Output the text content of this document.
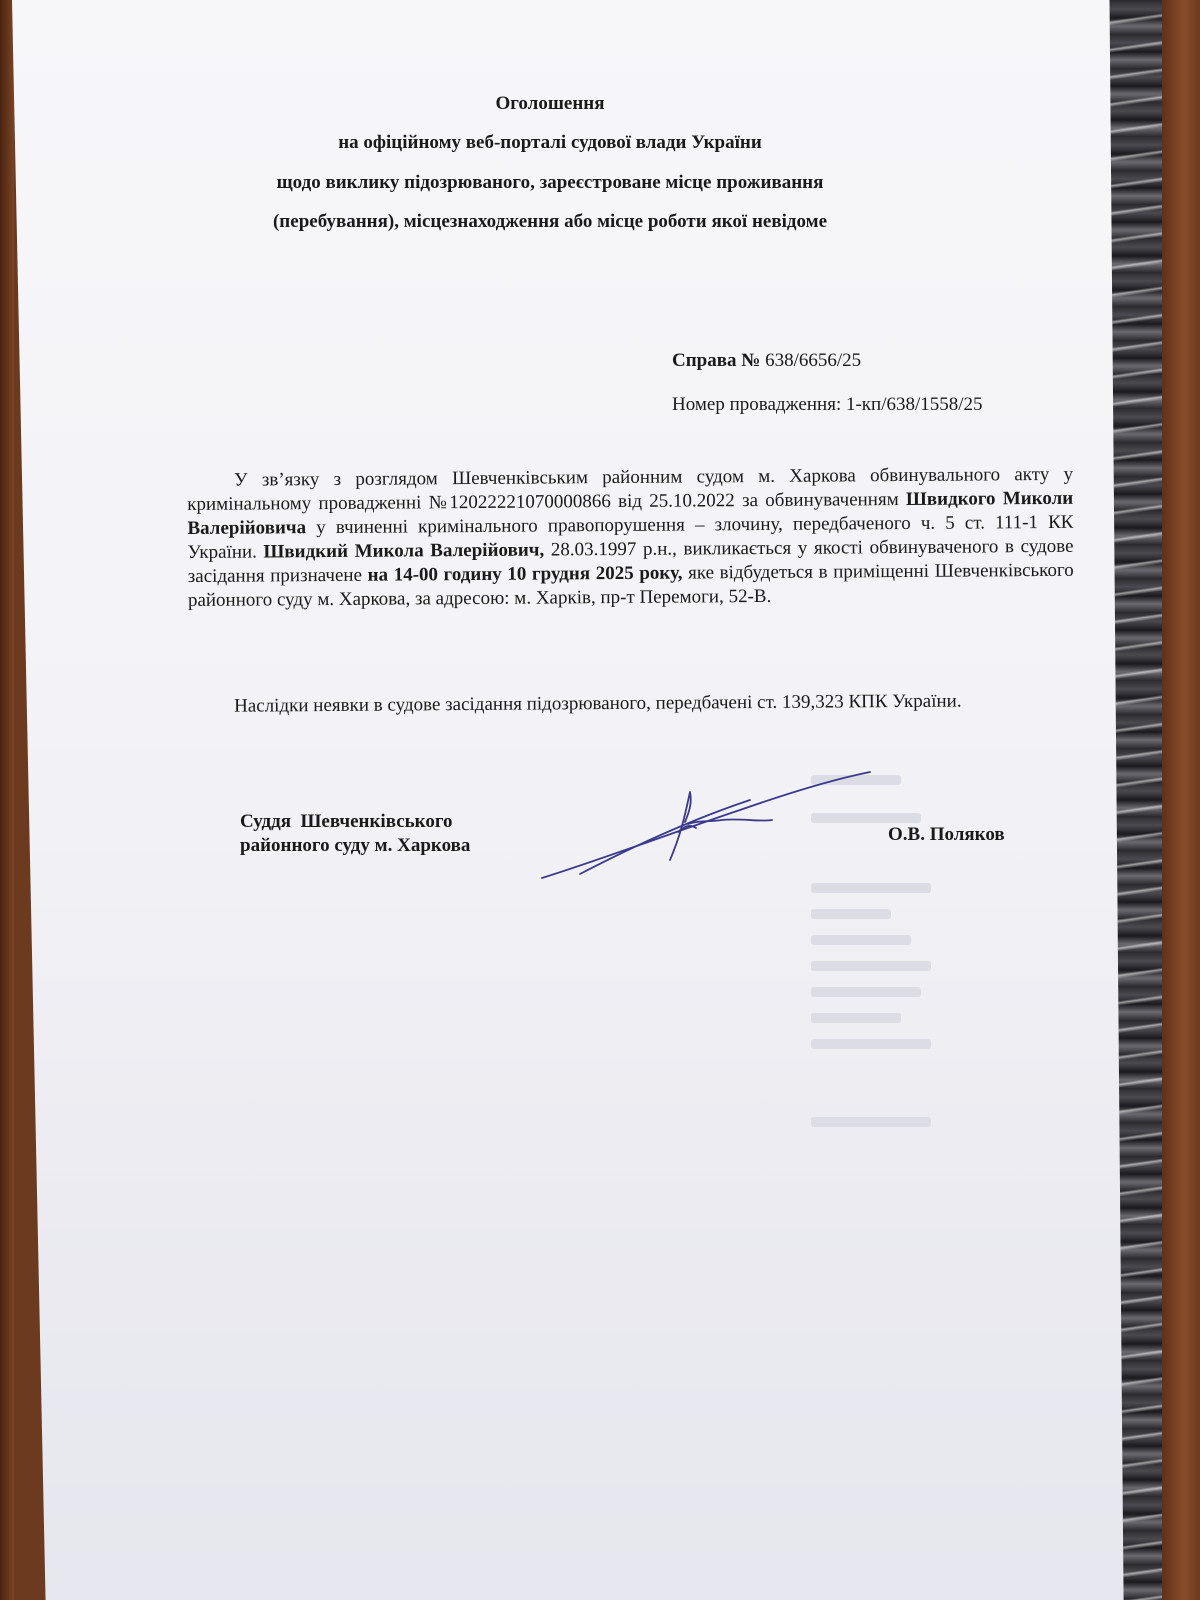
Оголошення
на офіційному веб-порталі судової влади України
щодо виклику підозрюваного, зареєстроване місце проживання
(перебування), місцезнаходження або місце роботи якої невідоме
Справа № 638/6656/25
Номер провадження: 1-кп/638/1558/25
У зв’язку з розглядом Шевченківським районним судом м. Харкова обвинувального акту у кримінальному провадженні №12022221070000866 від 25.10.2022 за обвинуваченням Швидкого Миколи Валерійовича у вчиненні кримінального правопорушення – злочину, передбаченого ч. 5 ст. 111-1 КК України. Швидкий Микола Валерійович, 28.03.1997 р.н., викликається у якості обвинуваченого в судове засідання призначене на 14-00 годину 10 грудня 2025 року, яке відбудеться в приміщенні Шевченківського районного суду м. Харкова, за адресою: м. Харків, пр-т Перемоги, 52-В.
Наслідки неявки в судове засідання підозрюваного, передбачені ст. 139,323 КПК України.
Суддя  Шевченківського
районного суду м. Харкова
О.В. Поляков
